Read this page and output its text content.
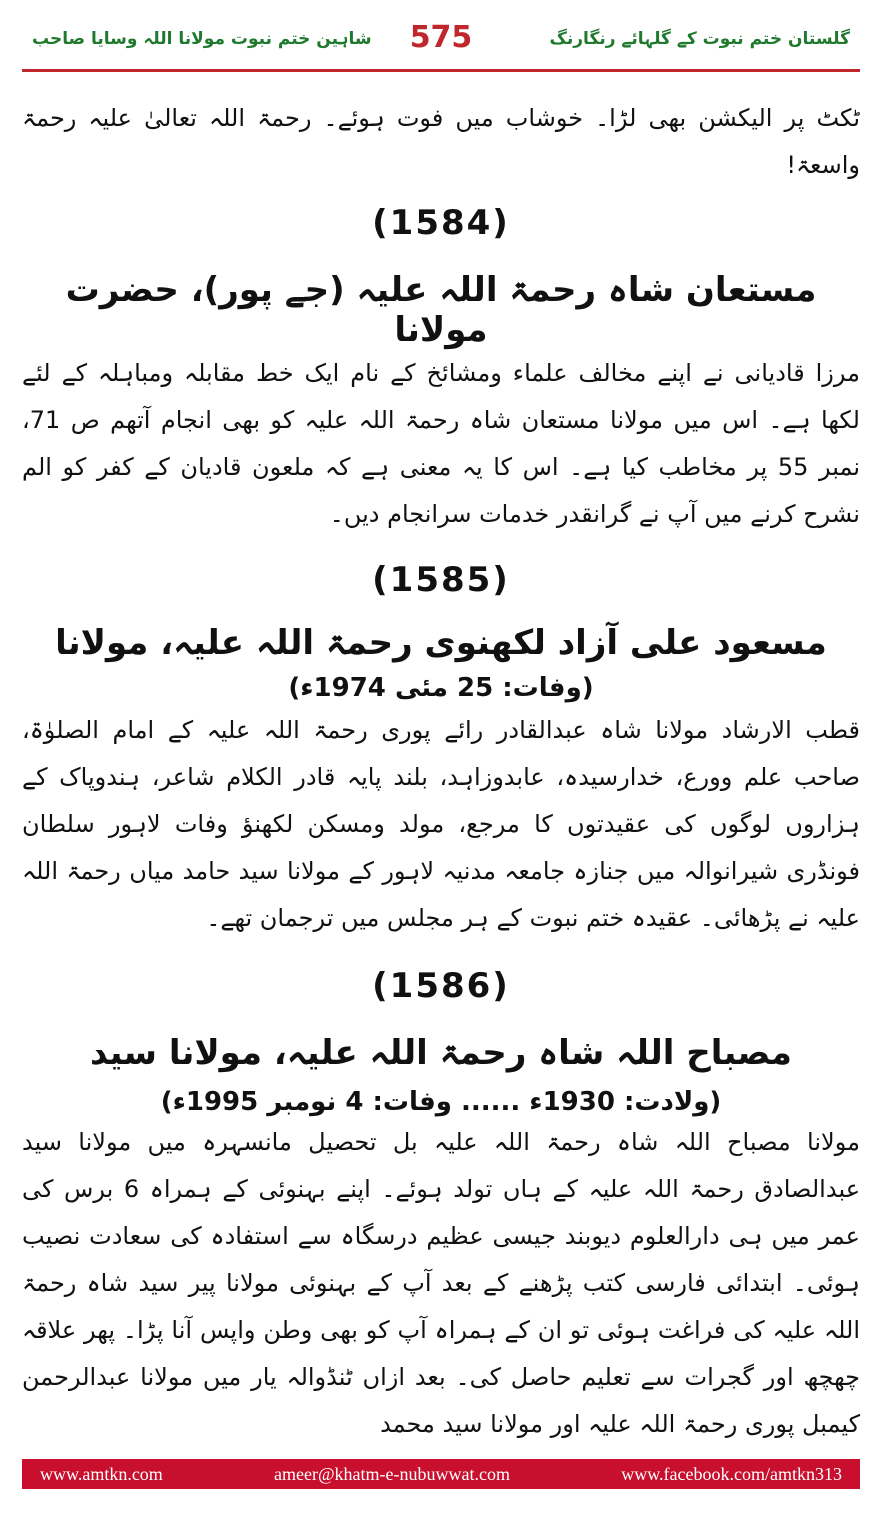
شاہین ختم نبوت مولانا اللہ وسایا صاحب	575	گلستان ختم نبوت کے گلہائے رنگارنگ

ٹکٹ پر الیکشن بھی لڑا۔ خوشاب میں فوت ہوئے۔ رحمۃ اللہ تعالیٰ علیہ رحمۃ واسعۃ!

(1584)

مستعان شاہ رحمۃ اللہ علیہ (جے پور)، حضرت مولانا

مرزا قادیانی نے اپنے مخالف علماء ومشائخ کے نام ایک خط مقابلہ ومباہلہ کے لئے لکھا ہے۔ اس میں مولانا مستعان شاہ رحمۃ اللہ علیہ کو بھی انجام آتھم ص 71، نمبر 55 پر مخاطب کیا ہے۔ اس کا یہ معنی ہے کہ ملعون قادیان کے کفر کو الم نشرح کرنے میں آپ نے گرانقدر خدمات سرانجام دیں۔

(1585)

مسعود علی آزاد لکھنوی رحمۃ اللہ علیہ، مولانا

(وفات: 25 مئی 1974ء)

قطب الارشاد مولانا شاہ عبدالقادر رائے پوری رحمۃ اللہ علیہ کے امام الصلوٰۃ، صاحب علم وورع، خدارسیدہ، عابدوزاہد، بلند پایہ قادر الکلام شاعر، ہندوپاک کے ہزاروں لوگوں کی عقیدتوں کا مرجع، مولد ومسکن لکھنؤ وفات لاہور سلطان فونڈری شیرانوالہ میں جنازہ جامعہ مدنیہ لاہور کے مولانا سید حامد میاں رحمۃ اللہ علیہ نے پڑھائی۔ عقیدہ ختم نبوت کے ہر مجلس میں ترجمان تھے۔

(1586)

مصباح اللہ شاہ رحمۃ اللہ علیہ، مولانا سید

(ولادت: 1930ء ...... وفات: 4 نومبر 1995ء)

مولانا مصباح اللہ شاہ رحمۃ اللہ علیہ بل تحصیل مانسہرہ میں مولانا سید عبدالصادق رحمۃ اللہ علیہ کے ہاں تولد ہوئے۔ اپنے بہنوئی کے ہمراہ 6 برس کی عمر میں ہی دارالعلوم دیوبند جیسی عظیم درسگاہ سے استفادہ کی سعادت نصیب ہوئی۔ ابتدائی فارسی کتب پڑھنے کے بعد آپ کے بہنوئی مولانا پیر سید شاہ رحمۃ اللہ علیہ کی فراغت ہوئی تو ان کے ہمراہ آپ کو بھی وطن واپس آنا پڑا۔ پھر علاقہ چھچھ اور گجرات سے تعلیم حاصل کی۔ بعد ازاں ٹنڈوالہ یار میں مولانا عبدالرحمن کیمبل پوری رحمۃ اللہ علیہ اور مولانا سید محمد

www.amtkn.com	ameer@khatm-e-nubuwwat.com	www.facebook.com/amtkn313
